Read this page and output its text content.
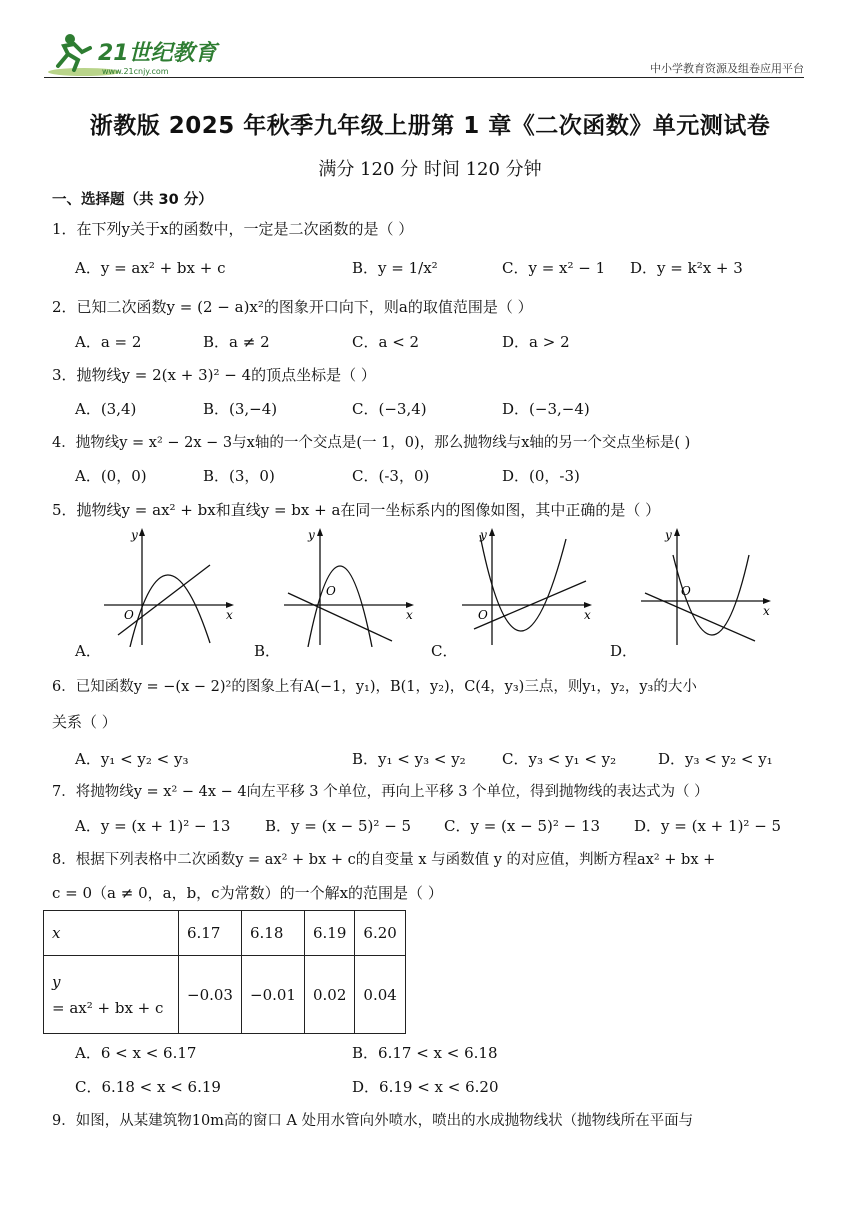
21世纪教育
www.21cnjy.com	中小学教育资源及组卷应用平台
浙教版 2025 年秋季九年级上册第 1 章《二次函数》单元测试卷
满分 120 分 时间 120 分钟
一、选择题（共 30 分）
1．在下列y关于x的函数中，一定是二次函数的是（ ）
A．y = ax² + bx + c	B．y = 1/x²	C．y = x² − 1 D．y = k²x + 3
2．已知二次函数y = (2 − a)x²的图象开口向下，则a的取值范围是（ ）
A．a = 2	B．a ≠ 2	C．a < 2	D．a > 2
3．抛物线y = 2(x + 3)² − 4的顶点坐标是（ ）
A．(3,4)	B．(3,−4)	C．(−3,4)	D．(−3,−4)
4．抛物线y = x² − 2x − 3与x轴的一个交点是(一 1，0)，那么抛物线与x轴的另一个交点坐标是( )
A．(0，0)	B．(3，0)	C．(-3，0)	D．(0，-3)
5．抛物线y = ax² + bx和直线y = bx + a在同一坐标系内的图像如图，其中正确的是（ ）
y
x
O
y
x
O
y
x
O
y
x
O
A．	B．	C．	D．
6．已知函数y = −(x − 2)²的图象上有A(−1，y₁)，B(1，y₂)，C(4，y₃)三点，则y₁，y₂，y₃的大小
关系（ ）
A．y₁ < y₂ < y₃	B．y₁ < y₃ < y₂ C．y₃ < y₁ < y₂	D．y₃ < y₂ < y₁
7．将抛物线y = x² − 4x − 4向左平移 3 个单位，再向上平移 3 个单位，得到抛物线的表达式为（ ）
A．y = (x + 1)² − 13 B．y = (x − 5)² − 5 C．y = (x − 5)² − 13 D．y = (x + 1)² − 5
8．根据下列表格中二次函数y = ax² + bx + c的自变量 x 与函数值 y 的对应值，判断方程ax² + bx +
c = 0（a ≠ 0，a，b，c为常数）的一个解x的范围是（ ）
x	6.17	6.18	6.19	6.20
y
= ax² + bx + c	−0.03	−0.01	0.02	0.04
A．6 < x < 6.17	B．6.17 < x < 6.18
C．6.18 < x < 6.19	D．6.19 < x < 6.20
9．如图，从某建筑物10m高的窗口 A 处用水管向外喷水，喷出的水成抛物线状（抛物线所在平面与
